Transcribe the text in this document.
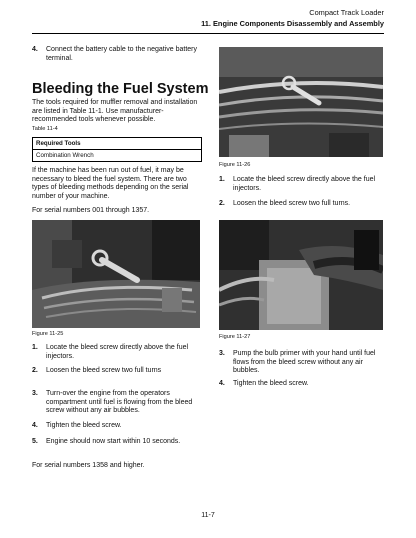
Compact Track Loader
11. Engine Components Disassembly and Assembly
4.	Connect the battery cable to the negative battery terminal.
Bleeding the Fuel System
The tools required for muffler removal and installation are listed in Table 11-1. Use manufacturer-recommended tools whenever possible.
Table 11-4
Required Tools
Combination Wrench
If the machine has been run out of fuel, it may be necessary to bleed the fuel system. There are two types of bleeding methods depending on the serial number of your machine.
For serial numbers 001 through 1357.
Figure 11-25
1.	Locate the bleed screw directly above the fuel injectors.
2.	Loosen the bleed screw two full turns
3.	Turn-over the engine from the operators compartment until fuel is flowing from the bleed screw without any air bubbles.
4.	Tighten the bleed screw.
5.	Engine should now start within 10 seconds.
For serial numbers 1358 and higher.
Figure 11-26
1.	Locate the bleed screw directly above the fuel injectors.
2.	Loosen the bleed screw two full turns.
Figure 11-27
3.	Pump the bulb primer with your hand until fuel flows from the bleed screw without any air bubbles.
4.	Tighten the bleed screw.
11-7
